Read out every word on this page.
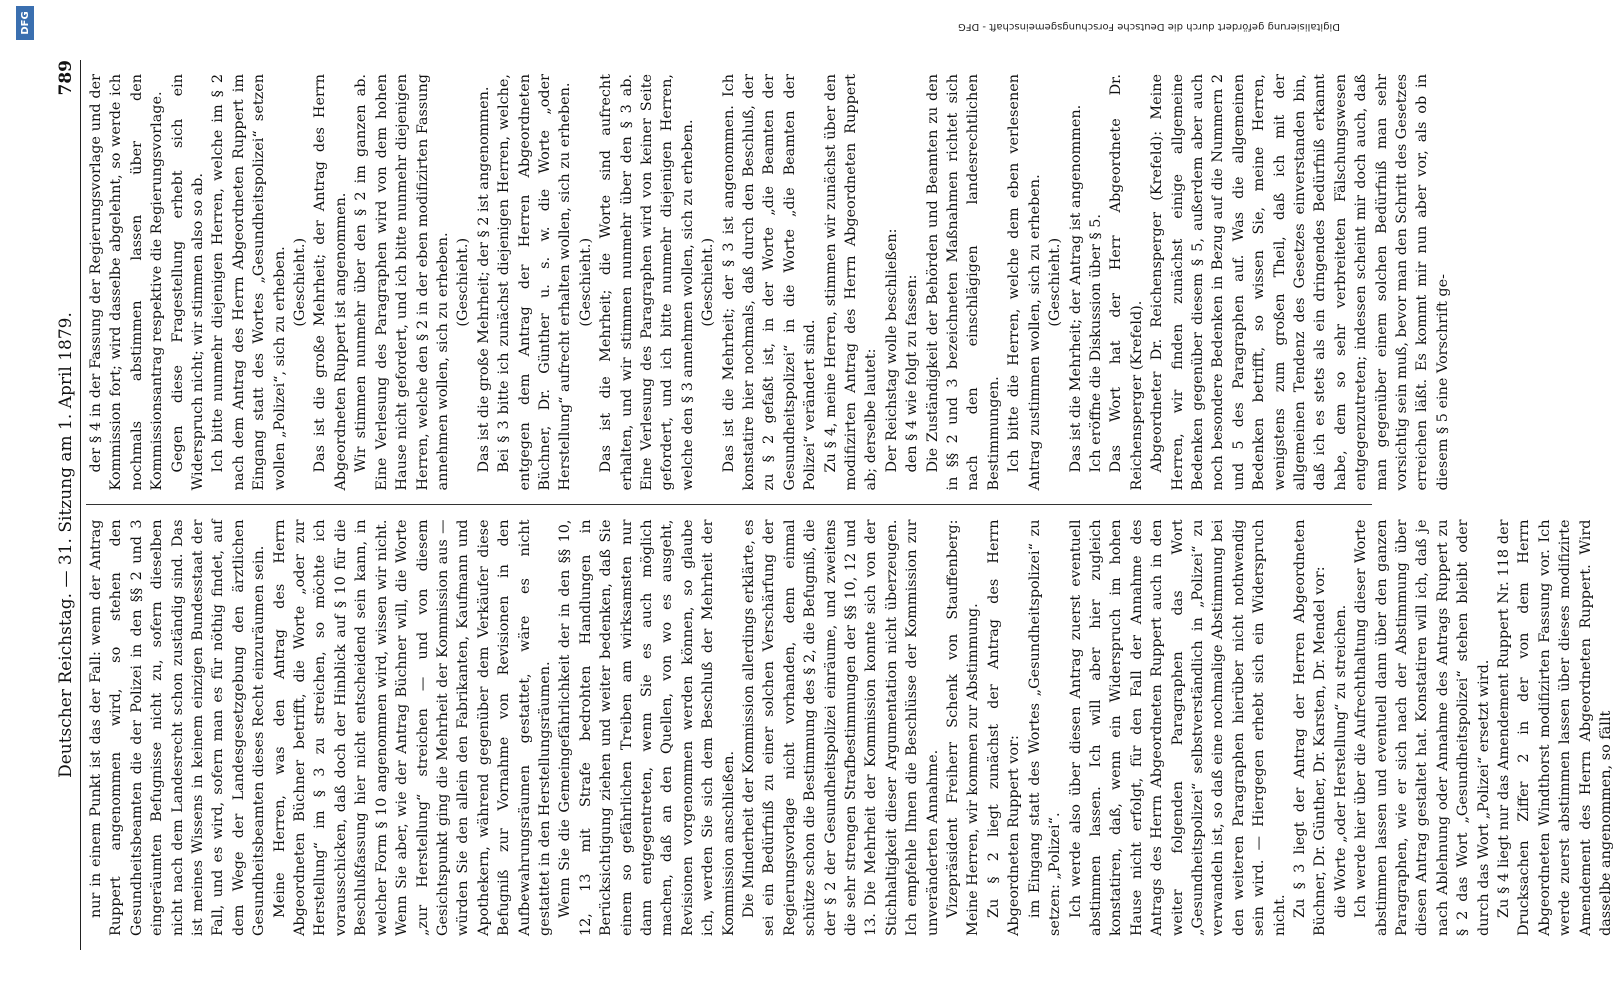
Deutscher Reichstag. — 31. Sitzung am 1. April 1879.
789

nur in einem Punkt ist das der Fall: wenn der Antrag Ruppert angenommen wird, so stehen den Gesundheitsbeamten die der Polizei in den §§ 2 und 3 eingeräumten Befugnisse nicht zu, sofern dieselben nicht nach dem Landesrecht schon zuständig sind. Das ist meines Wissens in keinem einzigen Bundesstaat der Fall, und es wird, sofern man es für nöthig findet, auf dem Wege der Landesgesetzgebung den ärztlichen Gesundheitsbeamten dieses Recht einzuräumen sein. Meine Herren, was den Antrag des Herrn Abgeordneten Büchner betrifft, die Worte „oder zur Herstellung“ im § 3 zu streichen, so möchte ich vorausschicken, daß doch der Hinblick auf § 10 für die Beschlußfassung hier nicht entscheidend sein kann, in welcher Form § 10 angenommen wird, wissen wir nicht. Wenn Sie aber, wie der Antrag Büchner will, die Worte „zur Herstellung“ streichen — und von diesem Gesichtspunkt ging die Mehrheit der Kommission aus — würden Sie den allein den Fabrikanten, Kaufmann und Apothekern, während gegenüber dem Verkäufer diese Befugniß zur Vornahme von Revisionen in den Aufbewahrungsräumen gestattet, wäre es nicht gestattet in den Herstellungsräumen. Wenn Sie die Gemeingefährlichkeit der in den §§ 10, 12, 13 mit Strafe bedrohten Handlungen in Berücksichtigung ziehen und weiter bedenken, daß Sie einem so gefährlichen Treiben am wirksamsten nur dann entgegentreten, wenn Sie es auch möglich machen, daß an den Quellen, von wo es ausgeht, Revisionen vorgenommen werden können, so glaube ich, werden Sie sich dem Beschluß der Mehrheit der Kommission anschließen. Die Minderheit der Kommission allerdings erklärte, es sei ein Bedürfniß zu einer solchen Verschärfung der Regierungsvorlage nicht vorhanden, denn einmal schütze schon die Bestimmung des § 2, die Befugniß, die der § 2 der Gesundheitspolizei einräume, und zweitens die sehr strengen Strafbestimmungen der §§ 10, 12 und 13. Die Mehrheit der Kommission konnte sich von der Stichhaltigkeit dieser Argumentation nicht überzeugen. Ich empfehle Ihnen die Beschlüsse der Kommission zur unveränderten Annahme. Vizepräsident Freiherr Schenk von Stauffenberg: Meine Herren, wir kommen zur Abstimmung. Zu § 2 liegt zunächst der Antrag des Herrn Abgeordneten Ruppert vor: im Eingang statt des Wortes „Gesundheitspolizei“ zu setzen: „Polizei“. Ich werde also über diesen Antrag zuerst eventuell abstimmen lassen. Ich will aber hier zugleich konstatiren, daß, wenn ein Widerspruch im hohen Hause nicht erfolgt, für den Fall der Annahme des Antrags des Herrn Abgeordneten Ruppert auch in den weiter folgenden Paragraphen das Wort „Gesundheitspolizei“ selbstverständlich in „Polizei“ zu verwandeln ist, so daß eine nochmalige Abstimmung bei den weiteren Paragraphen hierüber nicht nothwendig sein wird. — Hiergegen erhebt sich ein Widerspruch nicht. Zu § 3 liegt der Antrag der Herren Abgeordneten Büchner, Dr. Günther, Dr. Karsten, Dr. Mendel vor: die Worte „oder Herstellung“ zu streichen. Ich werde hier über die Aufrechthaltung dieser Worte abstimmen lassen und eventuell dann über den ganzen Paragraphen, wie er sich nach der Abstimmung über diesen Antrag gestaltet hat. Konstatiren will ich, daß je nach Ablehnung oder Annahme des Antrags Ruppert zu § 2 das Wort „Gesundheitspolizei“ stehen bleibt oder durch das Wort „Polizei“ ersetzt wird. Zu § 4 liegt nur das Amendement Ruppert Nr. 118 der Drucksachen Ziffer 2 in der von dem Herrn Abgeordneten Windthorst modifizirten Fassung vor. Ich werde zuerst abstimmen lassen über dieses modifizirte Amendement des Herrn Abgeordneten Ruppert. Wird dasselbe angenommen, so fällt

der § 4 in der Fassung der Regierungsvorlage und der Kommission fort; wird dasselbe abgelehnt, so werde ich nochmals abstimmen lassen über den Kommissionsantrag respektive die Regierungsvorlage. Gegen diese Fragestellung erhebt sich ein Widerspruch nicht; wir stimmen also so ab. Ich bitte nunmehr diejenigen Herren, welche im § 2 nach dem Antrag des Herrn Abgeordneten Ruppert im Eingang statt des Wortes „Gesundheitspolizei“ setzen wollen „Polizei“, sich zu erheben. (Geschieht.) Das ist die große Mehrheit; der Antrag des Herrn Abgeordneten Ruppert ist angenommen. Wir stimmen nunmehr über den § 2 im ganzen ab. Eine Verlesung des Paragraphen wird von dem hohen Hause nicht gefordert, und ich bitte nunmehr diejenigen Herren, welche den § 2 in der eben modifizirten Fassung annehmen wollen, sich zu erheben. (Geschieht.) Das ist die große Mehrheit; der § 2 ist angenommen. Bei § 3 bitte ich zunächst diejenigen Herren, welche, entgegen dem Antrag der Herren Abgeordneten Büchner, Dr. Günther u. s. w. die Worte „oder Herstellung“ aufrecht erhalten wollen, sich zu erheben. (Geschieht.) Das ist die Mehrheit; die Worte sind aufrecht erhalten, und wir stimmen nunmehr über den § 3 ab. Eine Verlesung des Paragraphen wird von keiner Seite gefordert, und ich bitte nunmehr diejenigen Herren, welche den § 3 annehmen wollen, sich zu erheben. (Geschieht.) Das ist die Mehrheit; der § 3 ist angenommen. Ich konstatire hier nochmals, daß durch den Beschluß, der zu § 2 gefaßt ist, in der Worte „die Beamten der Gesundheitspolizei“ in die Worte „die Beamten der Polizei“ verändert sind. Zu § 4, meine Herren, stimmen wir zunächst über den modifizirten Antrag des Herrn Abgeordneten Ruppert ab; derselbe lautet: Der Reichstag wolle beschließen: den § 4 wie folgt zu fassen: Die Zuständigkeit der Behörden und Beamten zu den in §§ 2 und 3 bezeichneten Maßnahmen richtet sich nach den einschlägigen landesrechtlichen Bestimmungen. Ich bitte die Herren, welche dem eben verlesenen Antrag zustimmen wollen, sich zu erheben. (Geschieht.) Das ist die Mehrheit; der Antrag ist angenommen. Ich eröffne die Diskussion über § 5. Das Wort hat der Herr Abgeordnete Dr. Reichensperger (Krefeld). Abgeordneter Dr. Reichensperger (Krefeld): Meine Herren, wir finden zunächst einige allgemeine Bedenken gegenüber diesem § 5, außerdem aber auch noch besondere Bedenken in Bezug auf die Nummern 2 und 5 des Paragraphen auf. Was die allgemeinen Bedenken betrifft, so wissen Sie, meine Herren, wenigstens zum großen Theil, daß ich mit der allgemeinen Tendenz des Gesetzes einverstanden bin, daß ich es stets als ein dringendes Bedürfniß erkannt habe, dem so sehr verbreiteten Fälschungswesen entgegenzutreten; indessen scheint mir doch auch, daß man gegenüber einem solchen Bedürfniß man sehr vorsichtig sein muß, bevor man den Schritt des Gesetzes erreichen läßt. Es kommt mir nun aber vor, als ob in diesem § 5 eine Vorschrift ge-

DFG	Digitalisierung gefördert durch die Deutsche Forschungsgemeinschaft - DFG
